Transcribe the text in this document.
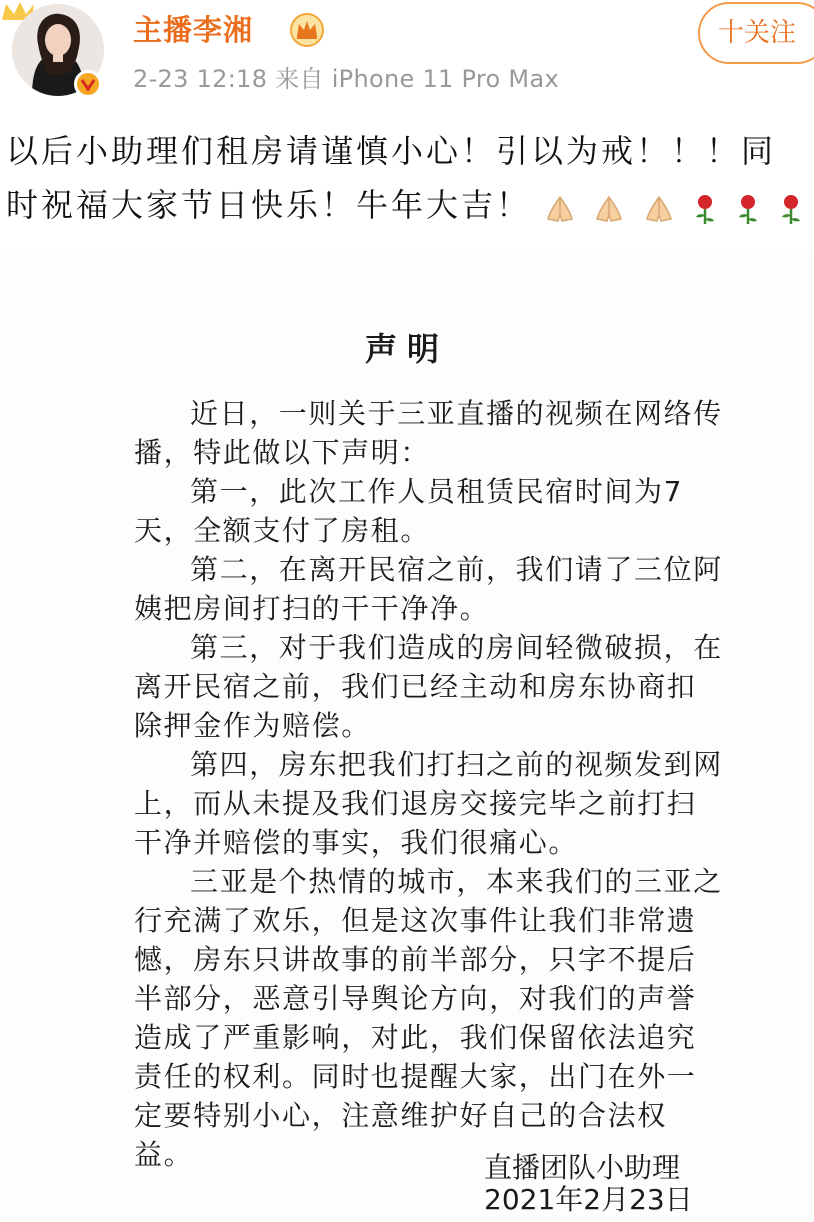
主播李湘
2-23 12:18 来自 iPhone 11 Pro Max
十关注
以后小助理们租房请谨慎小心！引以为戒！！！同
时祝福大家节日快乐！牛年大吉！
声明

近日，一则关于三亚直播的视频在网络传播，特此做以下声明：

第一，此次工作人员租赁民宿时间为7天，全额支付了房租。

第二，在离开民宿之前，我们请了三位阿姨把房间打扫的干干净净。

第三，对于我们造成的房间轻微破损，在离开民宿之前，我们已经主动和房东协商扣除押金作为赔偿。

第四，房东把我们打扫之前的视频发到网上，而从未提及我们退房交接完毕之前打扫干净并赔偿的事实，我们很痛心。

三亚是个热情的城市，本来我们的三亚之行充满了欢乐，但是这次事件让我们非常遗憾，房东只讲故事的前半部分，只字不提后半部分，恶意引导舆论方向，对我们的声誉造成了严重影响，对此，我们保留依法追究责任的权利。同时也提醒大家，出门在外一定要特别小心，注意维护好自己的合法权益。	直播团队小助理
2021年2月23日
